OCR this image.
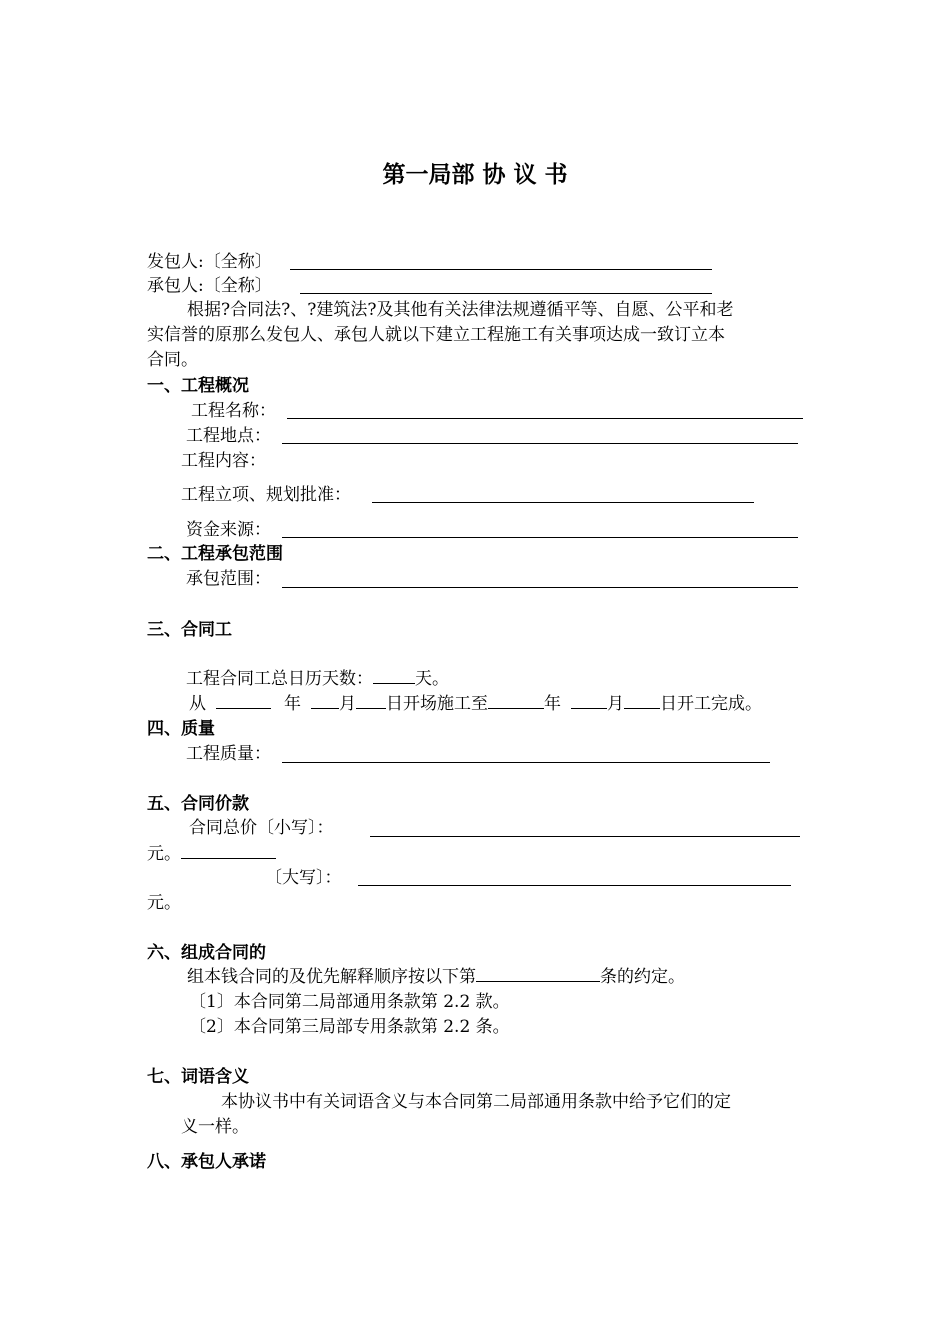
第一局部 协 议 书
发包人:〔全称〕
承包人:〔全称〕
根据?合同法?、?建筑法?及其他有关法律法规遵循平等、自愿、公平和老
实信誉的原那么发包人、承包人就以下建立工程施工有关事项达成一致订立本
合同。
一、工程概况
工程名称：
工程地点：
工程内容：
工程立项、规划批准：
资金来源：
二、工程承包范围
承包范围：
三、合同工
工程合同工总日历天数： 天。
从	年 月 日开场施工至	年	月 日开工完成。
四、质量
工程质量：
五、合同价款
合同总价〔小写〕：
元。
〔大写〕：
元。
六、组成合同的
组本钱合同的及优先解释顺序按以下第	条的约定。
〔1〕本合同第二局部通用条款第 2.2 款。
〔2〕本合同第三局部专用条款第 2.2 条。
七、词语含义
本协议书中有关词语含义与本合同第二局部通用条款中给予它们的定
义一样。
八、承包人承诺
